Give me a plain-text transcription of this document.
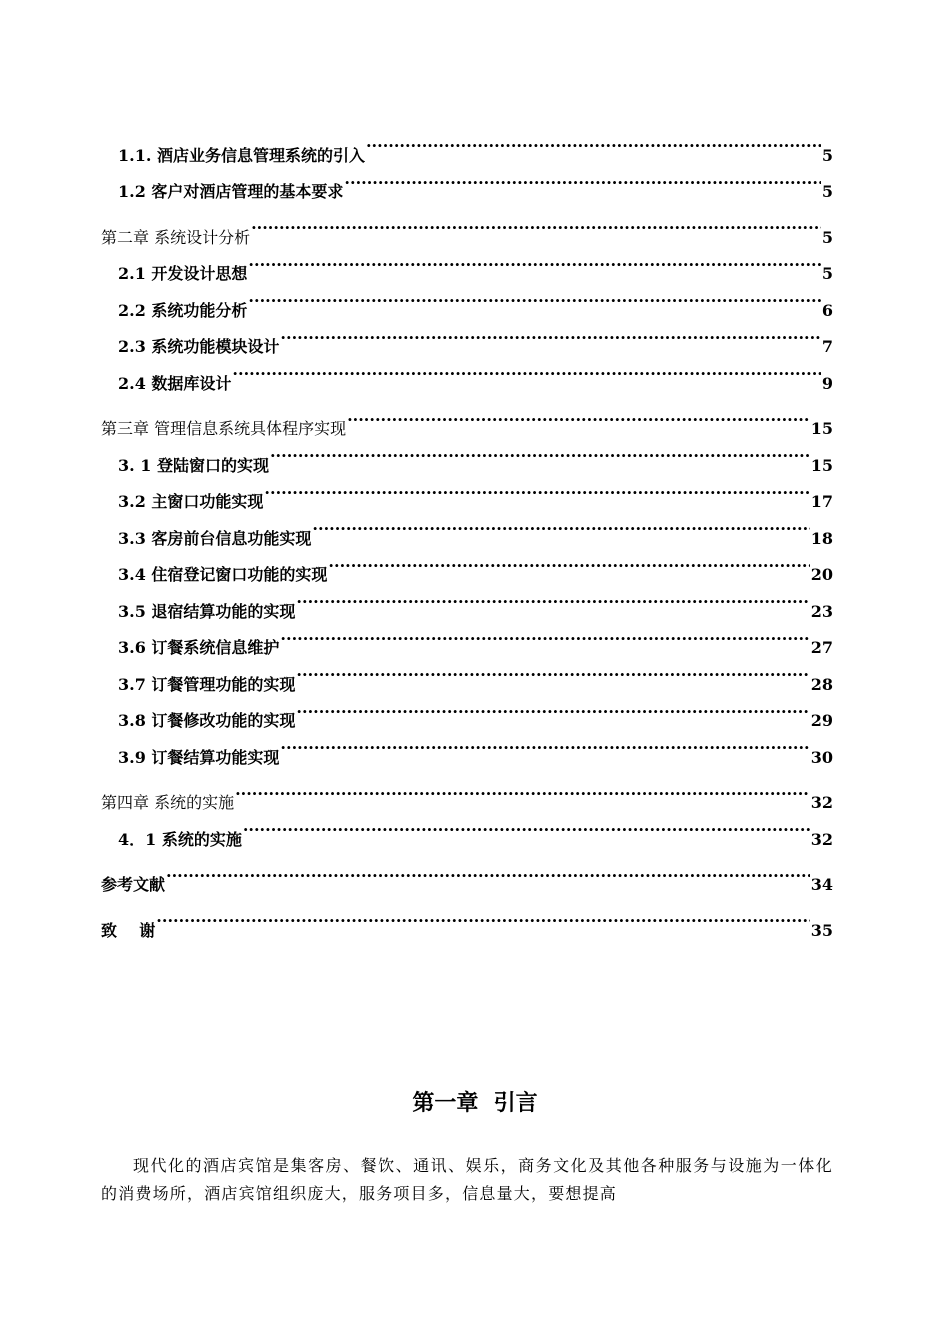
1.1. 酒店业务信息管理系统的引入 .....	5
1.2 客户对酒店管理的基本要求 .....	5
第二章 系统设计分析 .....	5
2.1 开发设计思想 .....	5
2.2 系统功能分析 .....	6
2.3 系统功能模块设计 .....	7
2.4 数据库设计 .....	9
第三章 管理信息系统具体程序实现 .....	15
3. 1 登陆窗口的实现 .....	15
3.2 主窗口功能实现 .....	17
3.3 客房前台信息功能实现 .....	18
3.4 住宿登记窗口功能的实现 .....	20
3.5 退宿结算功能的实现 .....	23
3.6 订餐系统信息维护 .....	27
3.7 订餐管理功能的实现 .....	28
3.8 订餐修改功能的实现 .....	29
3.9 订餐结算功能实现 .....	30
第四章 系统的实施 .....	32
4．1 系统的实施 .....	32
参考文献 .....	34
致    谢 .....	35
第一章  引言

现代化的酒店宾馆是集客房、餐饮、通讯、娱乐，商务文化及其他各种服务与设施为一体化的消费场所，酒店宾馆组织庞大，服务项目多，信息量大，要想提高
